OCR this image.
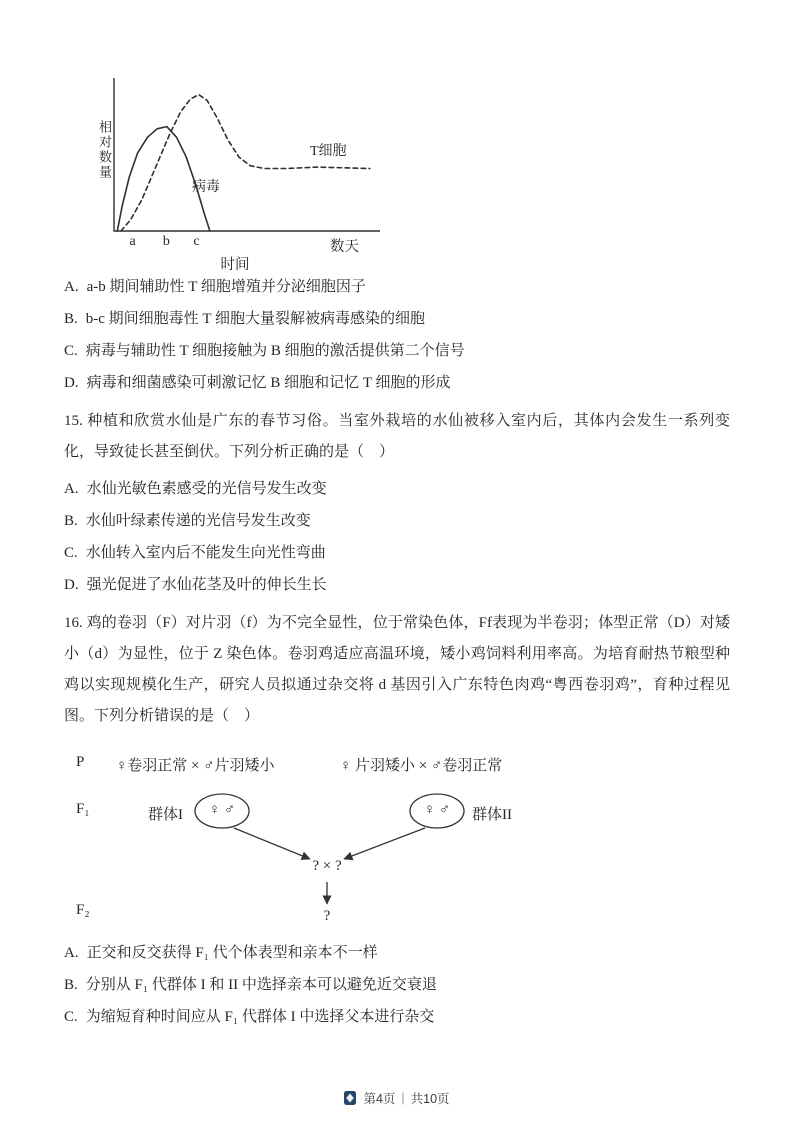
相对数量	T细胞
病毒
a b c
时间
数天
A. a-b 期间辅助性 T 细胞增殖并分泌细胞因子
B. b-c 期间细胞毒性 T 细胞大量裂解被病毒感染的细胞
C. 病毒与辅助性 T 细胞接触为 B 细胞的激活提供第二个信号
D. 病毒和细菌感染可刺激记忆 B 细胞和记忆 T 细胞的形成

15. 种植和欣赏水仙是广东的春节习俗。当室外栽培的水仙被移入室内后，其体内会发生一系列变化，导致徒长甚至倒伏。下列分析正确的是（　）

A. 水仙光敏色素感受的光信号发生改变
B. 水仙叶绿素传递的光信号发生改变
C. 水仙转入室内后不能发生向光性弯曲
D. 强光促进了水仙花茎及叶的伸长生长

16. 鸡的卷羽（F）对片羽（f）为不完全显性，位于常染色体，Ff表现为半卷羽；体型正常（D）对矮小（d）为显性，位于 Z 染色体。卷羽鸡适应高温环境，矮小鸡饲料利用率高。为培育耐热节粮型种鸡以实现规模化生产，研究人员拟通过杂交将 d 基因引入广东特色肉鸡“粤西卷羽鸡”，育种过程见图。下列分析错误的是（　）

P ♀卷羽正常 × ♂片羽矮小	♀ 片羽矮小 × ♂卷羽正常
F₁	群体I	♀ ♂	♀ ♂	群体II
? × ?
F₂	?
A. 正交和反交获得 F₁ 代个体表型和亲本不一样
B. 分别从 F₁ 代群体 I 和 II 中选择亲本可以避免近交衰退
C. 为缩短育种时间应从 F₁ 代群体 I 中选择父本进行杂交
第4页 | 共10页
